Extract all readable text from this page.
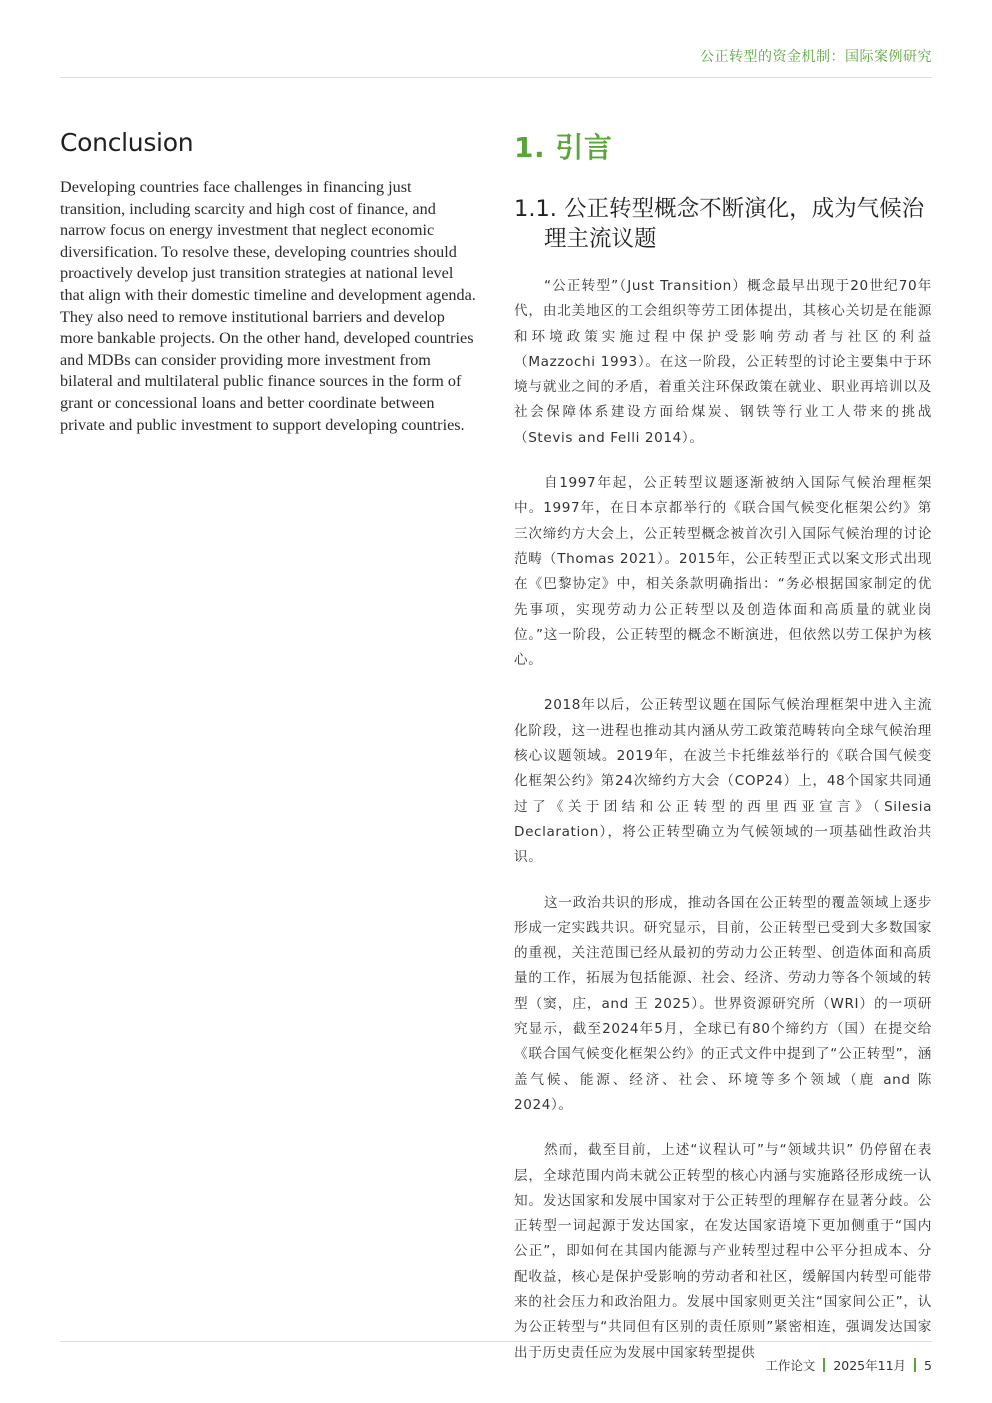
公正转型的资金机制：国际案例研究
Conclusion

Developing countries face challenges in financing just transition, including scarcity and high cost of finance, and narrow focus on energy investment that neglect economic diversification. To resolve these, developing countries should proactively develop just transition strategies at national level that align with their domestic timeline and development agenda. They also need to remove institutional barriers and develop more bankable projects. On the other hand, developed countries and MDBs can consider providing more investment from bilateral and multilateral public finance sources in the form of grant or concessional loans and better coordinate between private and public investment to support developing countries.

1. 引言
1.1. 公正转型概念不断演化，成为气候治理主流议题

“公正转型”（Just Transition）概念最早出现于20世纪70年代，由北美地区的工会组织等劳工团体提出，其核心关切是在能源和环境政策实施过程中保护受影响劳动者与社区的利益（Mazzochi 1993）。在这一阶段，公正转型的讨论主要集中于环境与就业之间的矛盾，着重关注环保政策在就业、职业再培训以及社会保障体系建设方面给煤炭、钢铁等行业工人带来的挑战（Stevis and Felli 2014）。

自1997年起，公正转型议题逐渐被纳入国际气候治理框架中。1997年，在日本京都举行的《联合国气候变化框架公约》第三次缔约方大会上，公正转型概念被首次引入国际气候治理的讨论范畴（Thomas 2021）。2015年，公正转型正式以案文形式出现在《巴黎协定》中，相关条款明确指出：“务必根据国家制定的优先事项，实现劳动力公正转型以及创造体面和高质量的就业岗位。”这一阶段，公正转型的概念不断演进，但依然以劳工保护为核心。

2018年以后，公正转型议题在国际气候治理框架中进入主流化阶段，这一进程也推动其内涵从劳工政策范畴转向全球气候治理核心议题领域。2019年，在波兰卡托维兹举行的《联合国气候变化框架公约》第24次缔约方大会（COP24）上，48个国家共同通过了《关于团结和公正转型的西里西亚宣言》（Silesia Declaration），将公正转型确立为气候领域的一项基础性政治共识。

这一政治共识的形成，推动各国在公正转型的覆盖领域上逐步形成一定实践共识。研究显示，目前，公正转型已受到大多数国家的重视，关注范围已经从最初的劳动力公正转型、创造体面和高质量的工作，拓展为包括能源、社会、经济、劳动力等各个领域的转型（窦，庄，and 王 2025）。世界资源研究所（WRI）的一项研究显示，截至2024年5月，全球已有80个缔约方（国）在提交给《联合国气候变化框架公约》的正式文件中提到了“公正转型”，涵盖气候、能源、经济、社会、环境等多个领域（鹿 and 陈 2024）。

然而，截至目前，上述“议程认可”与“领域共识” 仍停留在表层，全球范围内尚未就公正转型的核心内涵与实施路径形成统一认知。发达国家和发展中国家对于公正转型的理解存在显著分歧。公正转型一词起源于发达国家，在发达国家语境下更加侧重于“国内公正”，即如何在其国内能源与产业转型过程中公平分担成本、分配收益，核心是保护受影响的劳动者和社区，缓解国内转型可能带来的社会压力和政治阻力。发展中国家则更关注“国家间公正”，认为公正转型与“共同但有区别的责任原则”紧密相连，强调发达国家出于历史责任应为发展中国家转型提供

工作论文 2025年11月 5
